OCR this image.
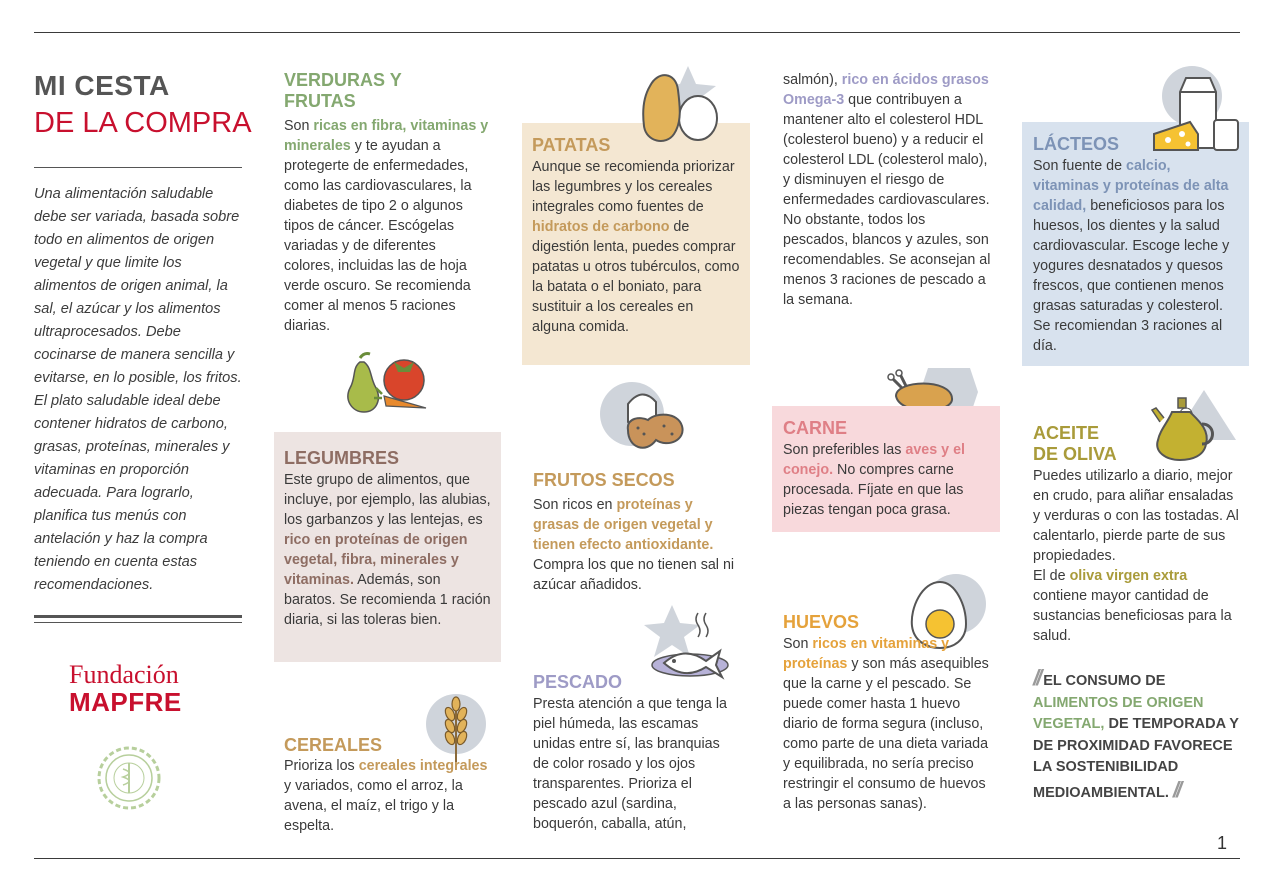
MI CESTA
DE LA COMPRA
Una alimentación saludable debe ser variada, basada sobre todo en alimentos de origen vegetal y que limite los alimentos de origen animal, la sal, el azúcar y los alimentos ultraprocesados. Debe cocinarse de manera sencilla y evitarse, en lo posible, los fritos. El plato saludable ideal debe contener hidratos de carbono, grasas, proteínas, minerales y vitaminas en proporción adecuada. Para lograrlo, planifica tus menús con antelación y haz la compra teniendo en cuenta estas recomendaciones.
Fundación
MAPFRE
VERDURAS Y FRUTAS
Son ricas en fibra, vitaminas y minerales y te ayudan a protegerte de enfermedades, como las cardiovasculares, la diabetes de tipo 2 o algunos tipos de cáncer. Escógelas variadas y de diferentes colores, incluidas las de hoja verde oscuro. Se recomienda comer al menos 5 raciones diarias.
LEGUMBRES
Este grupo de alimentos, que incluye, por ejemplo, las alubias, los garbanzos y las lentejas, es rico en proteínas de origen vegetal, fibra, minerales y vitaminas. Además, son baratos. Se recomienda 1 ración diaria, si las toleras bien.
CEREALES
Prioriza los cereales integrales y variados, como el arroz, la avena, el maíz, el trigo y la espelta.
PATATAS
Aunque se recomienda priorizar las legumbres y los cereales integrales como fuentes de hidratos de carbono de digestión lenta, puedes comprar patatas u otros tubérculos, como la batata o el boniato, para sustituir a los cereales en alguna comida.
FRUTOS SECOS
Son ricos en proteínas y grasas de origen vegetal y tienen efecto antioxidante. Compra los que no tienen sal ni azúcar añadidos.
PESCADO
Presta atención a que tenga la piel húmeda, las escamas unidas entre sí, las branquias de color rosado y los ojos transparentes. Prioriza el pescado azul (sardina, boquerón, caballa, atún,
salmón), rico en ácidos grasos Omega-3 que contribuyen a mantener alto el colesterol HDL (colesterol bueno) y a reducir el colesterol LDL (colesterol malo), y disminuyen el riesgo de enfermedades cardiovasculares. No obstante, todos los pescados, blancos y azules, son recomendables. Se aconsejan al menos 3 raciones de pescado a la semana.
CARNE
Son preferibles las aves y el conejo. No compres carne procesada. Fíjate en que las piezas tengan poca grasa.
HUEVOS
Son ricos en vitaminas y proteínas y son más asequibles que la carne y el pescado. Se puede comer hasta 1 huevo diario de forma segura (incluso, como parte de una dieta variada y equilibrada, no sería preciso restringir el consumo de huevos a las personas sanas).
LÁCTEOS
Son fuente de calcio, vitaminas y proteínas de alta calidad, beneficiosos para los huesos, los dientes y la salud cardiovascular. Escoge leche y yogures desnatados y quesos frescos, que contienen menos grasas saturadas y colesterol. Se recomiendan 3 raciones al día.
ACEITE
DE OLIVA
Puedes utilizarlo a diario, mejor en crudo, para aliñar ensaladas y verduras o con las tostadas. Al calentarlo, pierde parte de sus propiedades.
El de oliva virgen extra contiene mayor cantidad de sustancias beneficiosas para la salud.
// EL CONSUMO DE ALIMENTOS DE ORIGEN VEGETAL, DE TEMPORADA Y DE PROXIMIDAD FAVORECE LA SOSTENIBILIDAD MEDIOAMBIENTAL. //
1
